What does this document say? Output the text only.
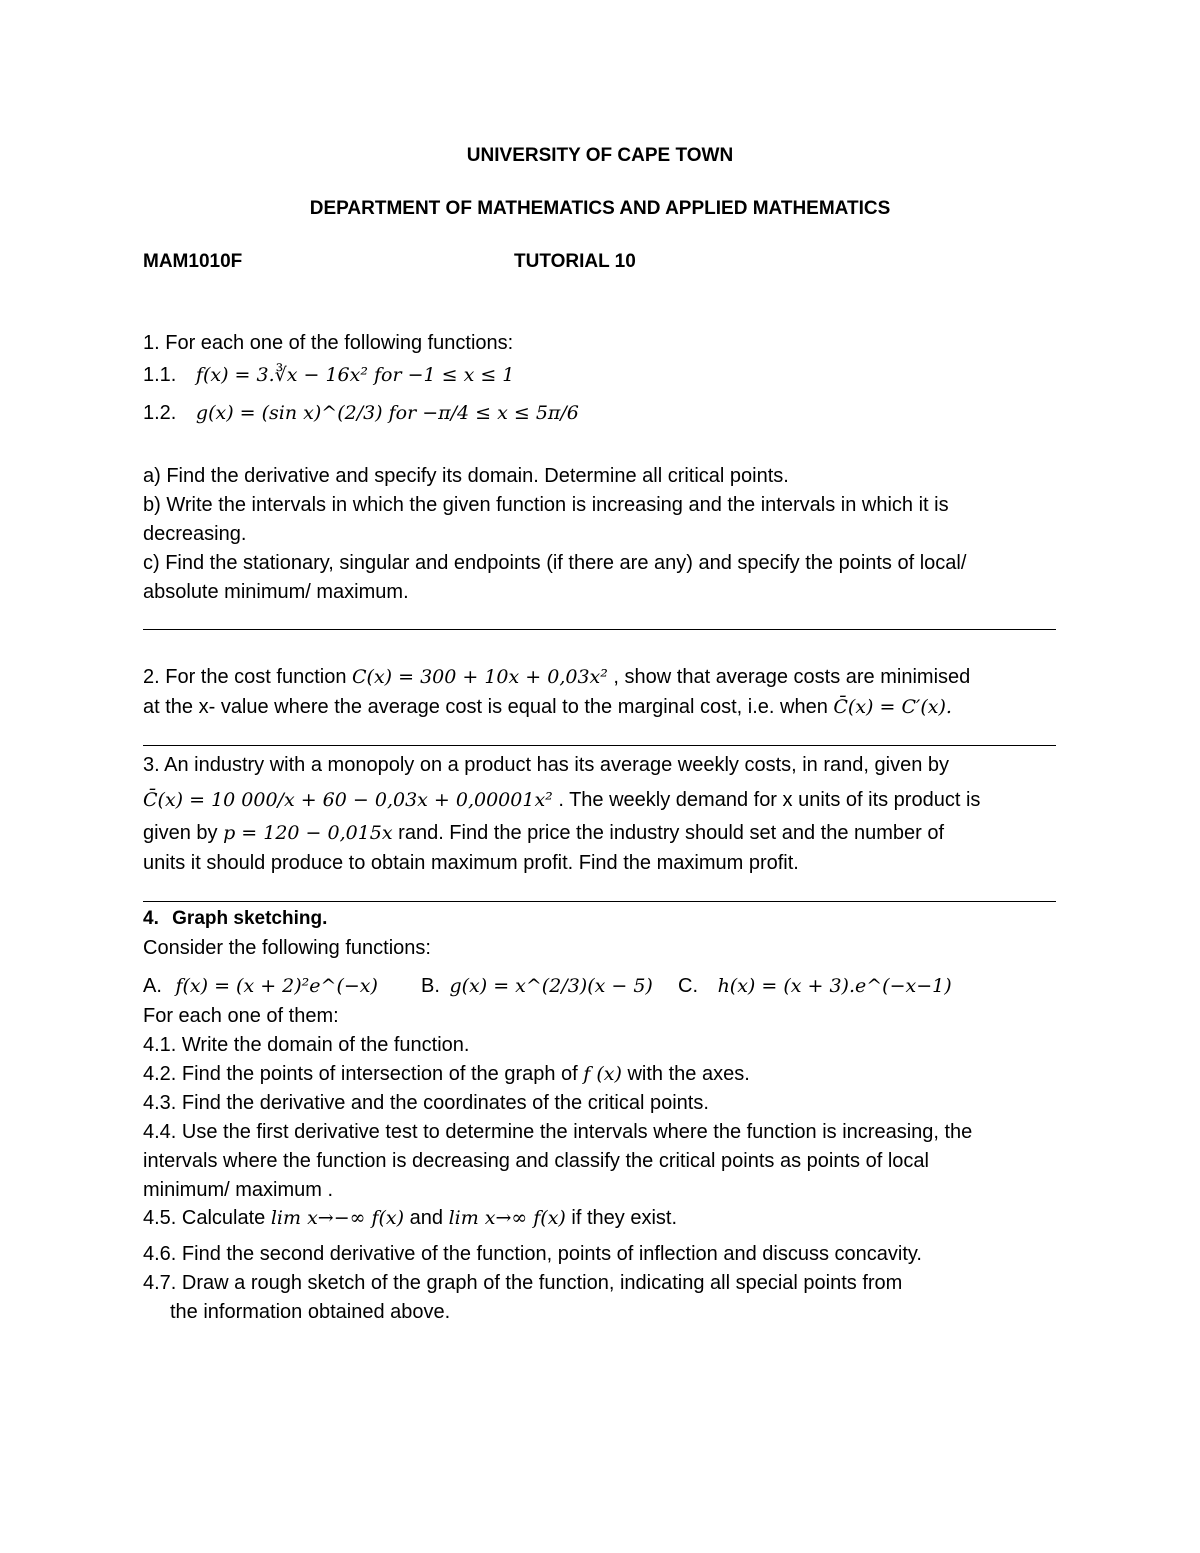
UNIVERSITY OF CAPE TOWN
DEPARTMENT OF MATHEMATICS AND APPLIED MATHEMATICS
MAM1010F	TUTORIAL 10
1. For each one of the following functions:
1.1. f(x) = 3.∛x − 16x² for −1 ≤ x ≤ 1
1.2. g(x) = (sin x)^(2/3) for −π/4 ≤ x ≤ 5π/6
a) Find the derivative and specify its domain. Determine all critical points.
b) Write the intervals in which the given function is increasing and the intervals in which it is
decreasing.
c) Find the stationary, singular and endpoints (if there are any) and specify the points of local/
absolute minimum/ maximum.
2. For the cost function C(x) = 300 + 10x + 0,03x² , show that average costs are minimised
at the x- value where the average cost is equal to the marginal cost, i.e. when C̄(x) = C′(x).
3. An industry with a monopoly on a product has its average weekly costs, in rand, given by
C̄(x) = 10 000/x + 60 − 0,03x + 0,00001x² . The weekly demand for x units of its product is
given by p = 120 − 0,015x rand. Find the price the industry should set and the number of
units it should produce to obtain maximum profit. Find the maximum profit.
4. Graph sketching.
Consider the following functions:
A. f(x) = (x + 2)²e^(−x) B. g(x) = x^(2/3)(x − 5) C. h(x) = (x + 3).e^(−x−1)
For each one of them:
4.1. Write the domain of the function.
4.2. Find the points of intersection of the graph of f (x) with the axes.
4.3. Find the derivative and the coordinates of the critical points.
4.4. Use the first derivative test to determine the intervals where the function is increasing, the
intervals where the function is decreasing and classify the critical points as points of local
minimum/ maximum .
4.5. Calculate lim x→−∞ f(x) and lim x→∞ f(x) if they exist.
4.6. Find the second derivative of the function, points of inflection and discuss concavity.
4.7. Draw a rough sketch of the graph of the function, indicating all special points from
the information obtained above.
